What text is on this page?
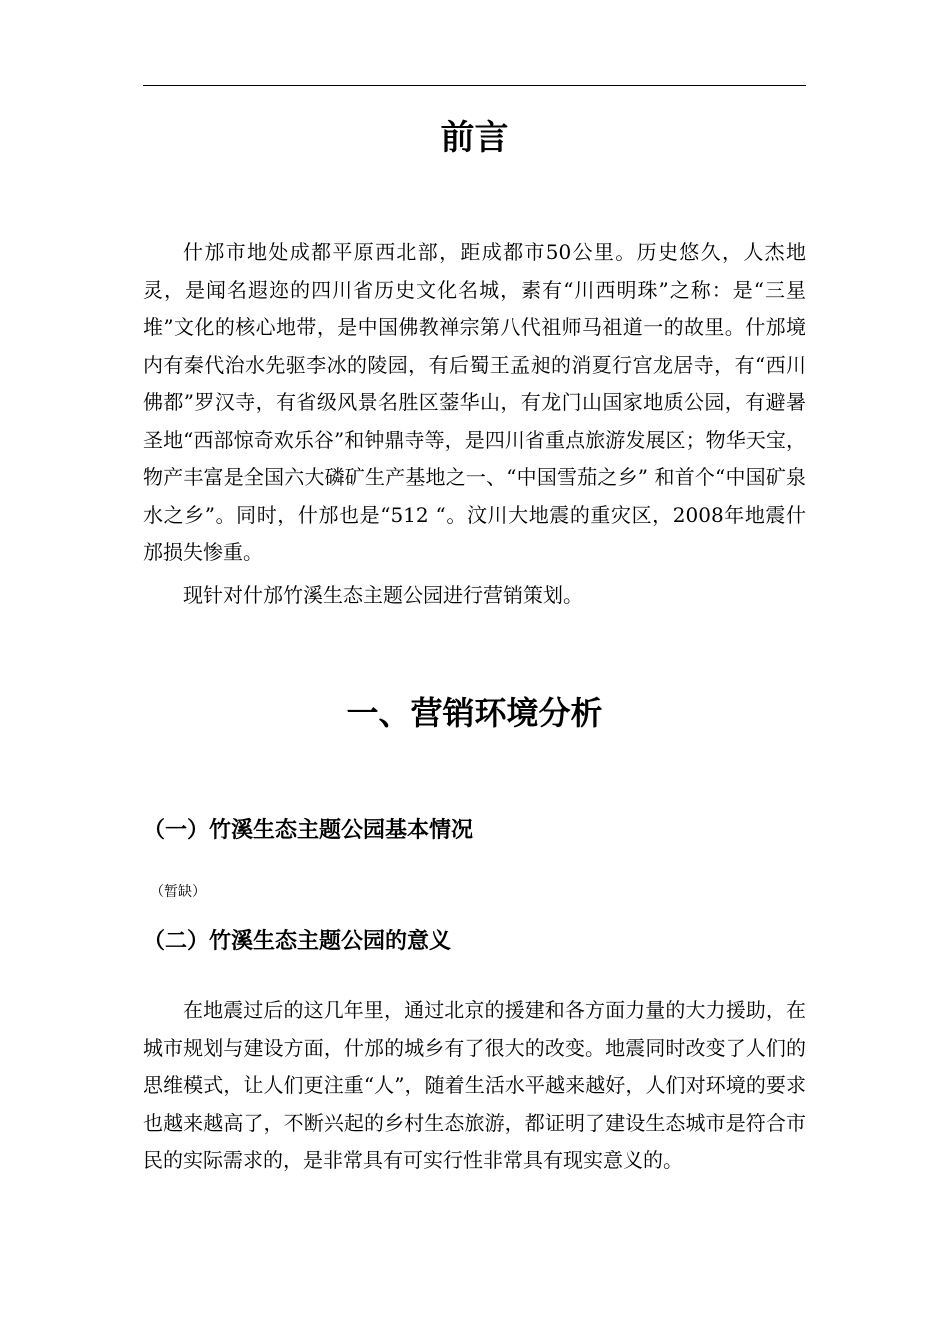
前言

什邡市地处成都平原西北部，距成都市50公里。历史悠久，人杰地灵，是闻名遐迩的四川省历史文化名城，素有“川西明珠”之称：是“三星堆”文化的核心地带，是中国佛教禅宗第八代祖师马祖道一的故里。什邡境内有秦代治水先驱李冰的陵园，有后蜀王孟昶的消夏行宫龙居寺，有“西川佛都”罗汉寺，有省级风景名胜区蓥华山，有龙门山国家地质公园，有避暑圣地“西部惊奇欢乐谷”和钟鼎寺等，是四川省重点旅游发展区；物华天宝，物产丰富是全国六大磷矿生产基地之一、“中国雪茄之乡” 和首个“中国矿泉水之乡”。同时，什邡也是“512 “。汶川大地震的重灾区，2008年地震什邡损失惨重。

现针对什邡竹溪生态主题公园进行营销策划。

一、营销环境分析
（一）竹溪生态主题公园基本情况
（暂缺）
（二）竹溪生态主题公园的意义

在地震过后的这几年里，通过北京的援建和各方面力量的大力援助，在城市规划与建设方面，什邡的城乡有了很大的改变。地震同时改变了人们的思维模式，让人们更注重“人”，随着生活水平越来越好，人们对环境的要求也越来越高了，不断兴起的乡村生态旅游，都证明了建设生态城市是符合市民的实际需求的，是非常具有可实行性非常具有现实意义的。
